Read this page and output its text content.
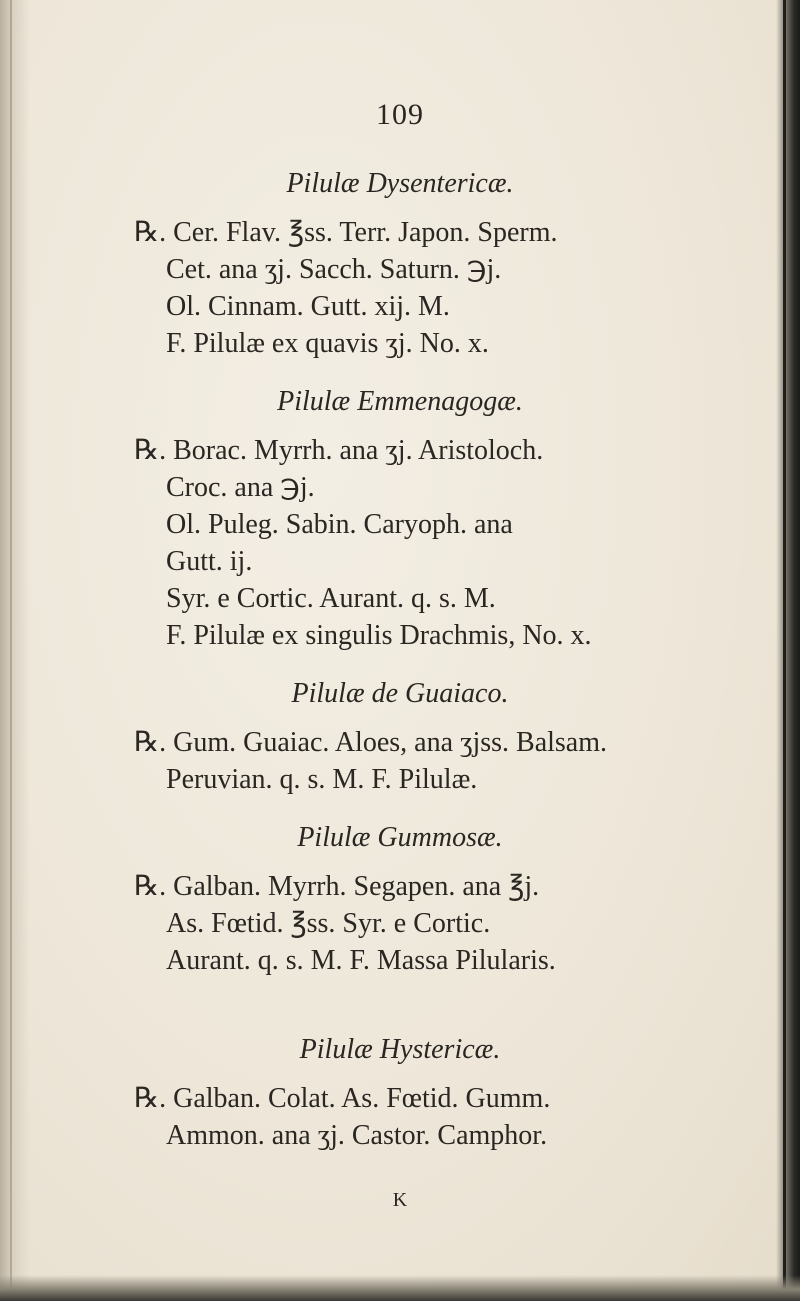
109
Pilulæ Dysentericæ.
℞. Cer. Flav. ℥ss. Terr. Japon. Sperm.
Cet. ana ʒj. Sacch. Saturn. ℈j.
Ol. Cinnam. Gutt. xij. M.
F. Pilulæ ex quavis ʒj. No. x.
Pilulæ Emmenagogæ.
℞. Borac. Myrrh. ana ʒj. Aristoloch.
Croc. ana ℈j.
Ol. Puleg. Sabin. Caryoph. ana
Gutt. ij.
Syr. e Cortic. Aurant. q. s. M.
F. Pilulæ ex singulis Drachmis, No. x.
Pilulæ de Guaiaco.
℞. Gum. Guaiac. Aloes, ana ʒjss. Balsam.
Peruvian. q. s. M. F. Pilulæ.
Pilulæ Gummosæ.
℞. Galban. Myrrh. Segapen. ana ℥j.
As. Fœtid. ℥ss. Syr. e Cortic.
Aurant. q. s. M. F. Massa Pilularis.
Pilulæ Hystericæ.
℞. Galban. Colat. As. Fœtid. Gumm.
Ammon. ana ʒj. Castor. Camphor.
K
